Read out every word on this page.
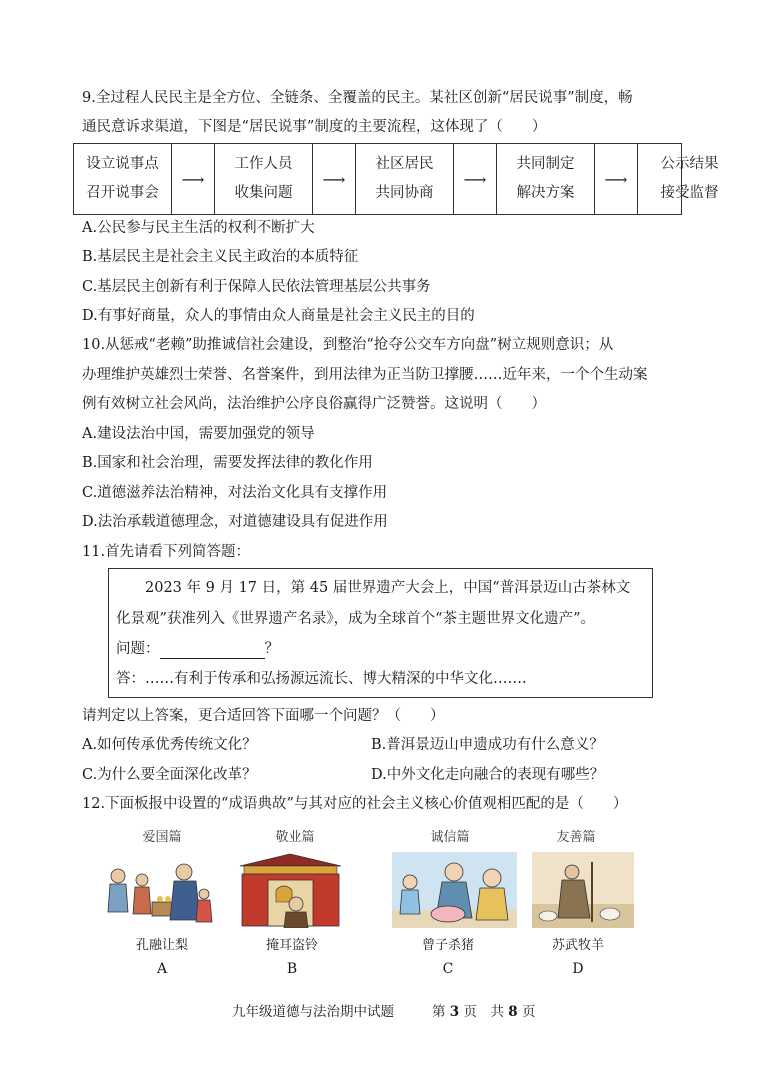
9.全过程人民民主是全方位、全链条、全覆盖的民主。某社区创新“居民说事”制度，畅
通民意诉求渠道，下图是“居民说事”制度的主要流程，这体现了（　　）
设立说事点
召开说事会
⟶
工作人员
收集问题
⟶
社区居民
共同协商
⟶
共同制定
解决方案
⟶
公示结果
接受监督
A.公民参与民主生活的权利不断扩大
B.基层民主是社会主义民主政治的本质特征
C.基层民主创新有利于保障人民依法管理基层公共事务
D.有事好商量，众人的事情由众人商量是社会主义民主的目的
10.从惩戒“老赖”助推诚信社会建设，到整治“抢夺公交车方向盘”树立规则意识；从
办理维护英雄烈士荣誉、名誉案件，到用法律为正当防卫撑腰……近年来，一个个生动案
例有效树立社会风尚，法治维护公序良俗赢得广泛赞誉。这说明（　　）
A.建设法治中国，需要加强党的领导
B.国家和社会治理，需要发挥法律的教化作用
C.道德滋养法治精神，对法治文化具有支撑作用
D.法治承载道德理念，对道德建设具有促进作用
11.首先请看下列简答题：
2023 年 9 月 17 日，第 45 届世界遗产大会上，中国“普洱景迈山古茶林文
化景观”获准列入《世界遗产名录》，成为全球首个“茶主题世界文化遗产”。
问题：	？
答：……有利于传承和弘扬源远流长、博大精深的中华文化…….
请判定以上答案，更合适回答下面哪一个问题？（　　）
A.如何传承优秀传统文化？	B.普洱景迈山申遗成功有什么意义？
C.为什么要全面深化改革？	D.中外文化走向融合的表现有哪些？
12.下面板报中设置的“成语典故”与其对应的社会主义核心价值观相匹配的是（　　）
爱国篇
孔融让梨
A
敬业篇
掩耳盗铃
B
诚信篇
曾子杀猪
C
友善篇
苏武牧羊
D
九年级道德与法治期中试题	第 3 页　共 8 页
